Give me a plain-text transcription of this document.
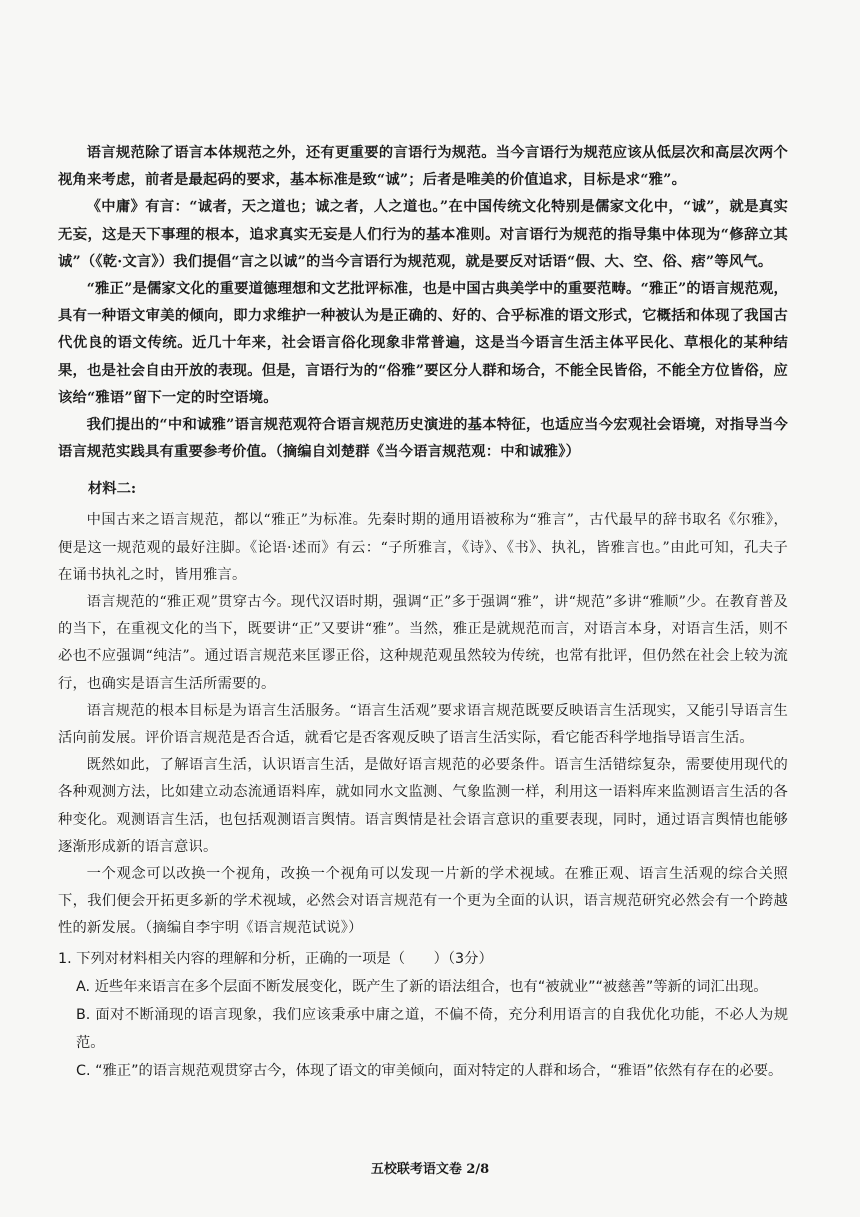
语言规范除了语言本体规范之外，还有更重要的言语行为规范。当今言语行为规范应该从低层次和高层次两个视角来考虑，前者是最起码的要求，基本标准是致“诚”；后者是唯美的价值追求，目标是求“雅”。

《中庸》有言：“诚者，天之道也；诚之者，人之道也。”在中国传统文化特别是儒家文化中，“诚”，就是真实无妄，这是天下事理的根本，追求真实无妄是人们行为的基本准则。对言语行为规范的指导集中体现为“修辞立其诚”（《乾·文言》）我们提倡“言之以诚”的当今言语行为规范观，就是要反对话语“假、大、空、俗、痞”等风气。

“雅正”是儒家文化的重要道德理想和文艺批评标准，也是中国古典美学中的重要范畴。“雅正”的语言规范观，具有一种语文审美的倾向，即力求维护一种被认为是正确的、好的、合乎标准的语文形式，它概括和体现了我国古代优良的语文传统。近几十年来，社会语言俗化现象非常普遍，这是当今语言生活主体平民化、草根化的某种结果，也是社会自由开放的表现。但是，言语行为的“俗雅”要区分人群和场合，不能全民皆俗，不能全方位皆俗，应该给“雅语”留下一定的时空语境。

我们提出的“中和诚雅”语言规范观符合语言规范历史演进的基本特征，也适应当今宏观社会语境，对指导当今语言规范实践具有重要参考价值。（摘编自刘楚群《当今语言规范观：中和诚雅》）

材料二:

中国古来之语言规范，都以“雅正”为标准。先秦时期的通用语被称为“雅言”，古代最早的辞书取名《尔雅》，便是这一规范观的最好注脚。《论语·述而》有云：“子所雅言，《诗》、《书》、执礼，皆雅言也。”由此可知，孔夫子在诵书执礼之时，皆用雅言。

语言规范的“雅正观”贯穿古今。现代汉语时期，强调“正”多于强调“雅”，讲“规范”多讲“雅顺”少。在教育普及的当下，在重视文化的当下，既要讲“正”又要讲“雅”。当然，雅正是就规范而言，对语言本身，对语言生活，则不必也不应强调“纯洁”。通过语言规范来匡谬正俗，这种规范观虽然较为传统，也常有批评，但仍然在社会上较为流行，也确实是语言生活所需要的。

语言规范的根本目标是为语言生活服务。“语言生活观”要求语言规范既要反映语言生活现实，又能引导语言生活向前发展。评价语言规范是否合适，就看它是否客观反映了语言生活实际，看它能否科学地指导语言生活。

既然如此，了解语言生活，认识语言生活，是做好语言规范的必要条件。语言生活错综复杂，需要使用现代的各种观测方法，比如建立动态流通语料库，就如同水文监测、气象监测一样，利用这一语料库来监测语言生活的各种变化。观测语言生活，也包括观测语言舆情。语言舆情是社会语言意识的重要表现，同时，通过语言舆情也能够逐渐形成新的语言意识。

一个观念可以改换一个视角，改换一个视角可以发现一片新的学术视域。在雅正观、语言生活观的综合关照下，我们便会开拓更多新的学术视域，必然会对语言规范有一个更为全面的认识，语言规范研究必然会有一个跨越性的新发展。（摘编自李宇明《语言规范试说》）

1. 下列对材料相关内容的理解和分析，正确的一项是（　　）（3分）

A. 近些年来语言在多个层面不断发展变化，既产生了新的语法组合，也有“被就业”“被慈善”等新的词汇出现。

B. 面对不断涌现的语言现象，我们应该秉承中庸之道，不偏不倚，充分利用语言的自我优化功能，不必人为规范。

C. “雅正”的语言规范观贯穿古今，体现了语文的审美倾向，面对特定的人群和场合，“雅语”依然有存在的必要。

五校联考语文卷 2/8
